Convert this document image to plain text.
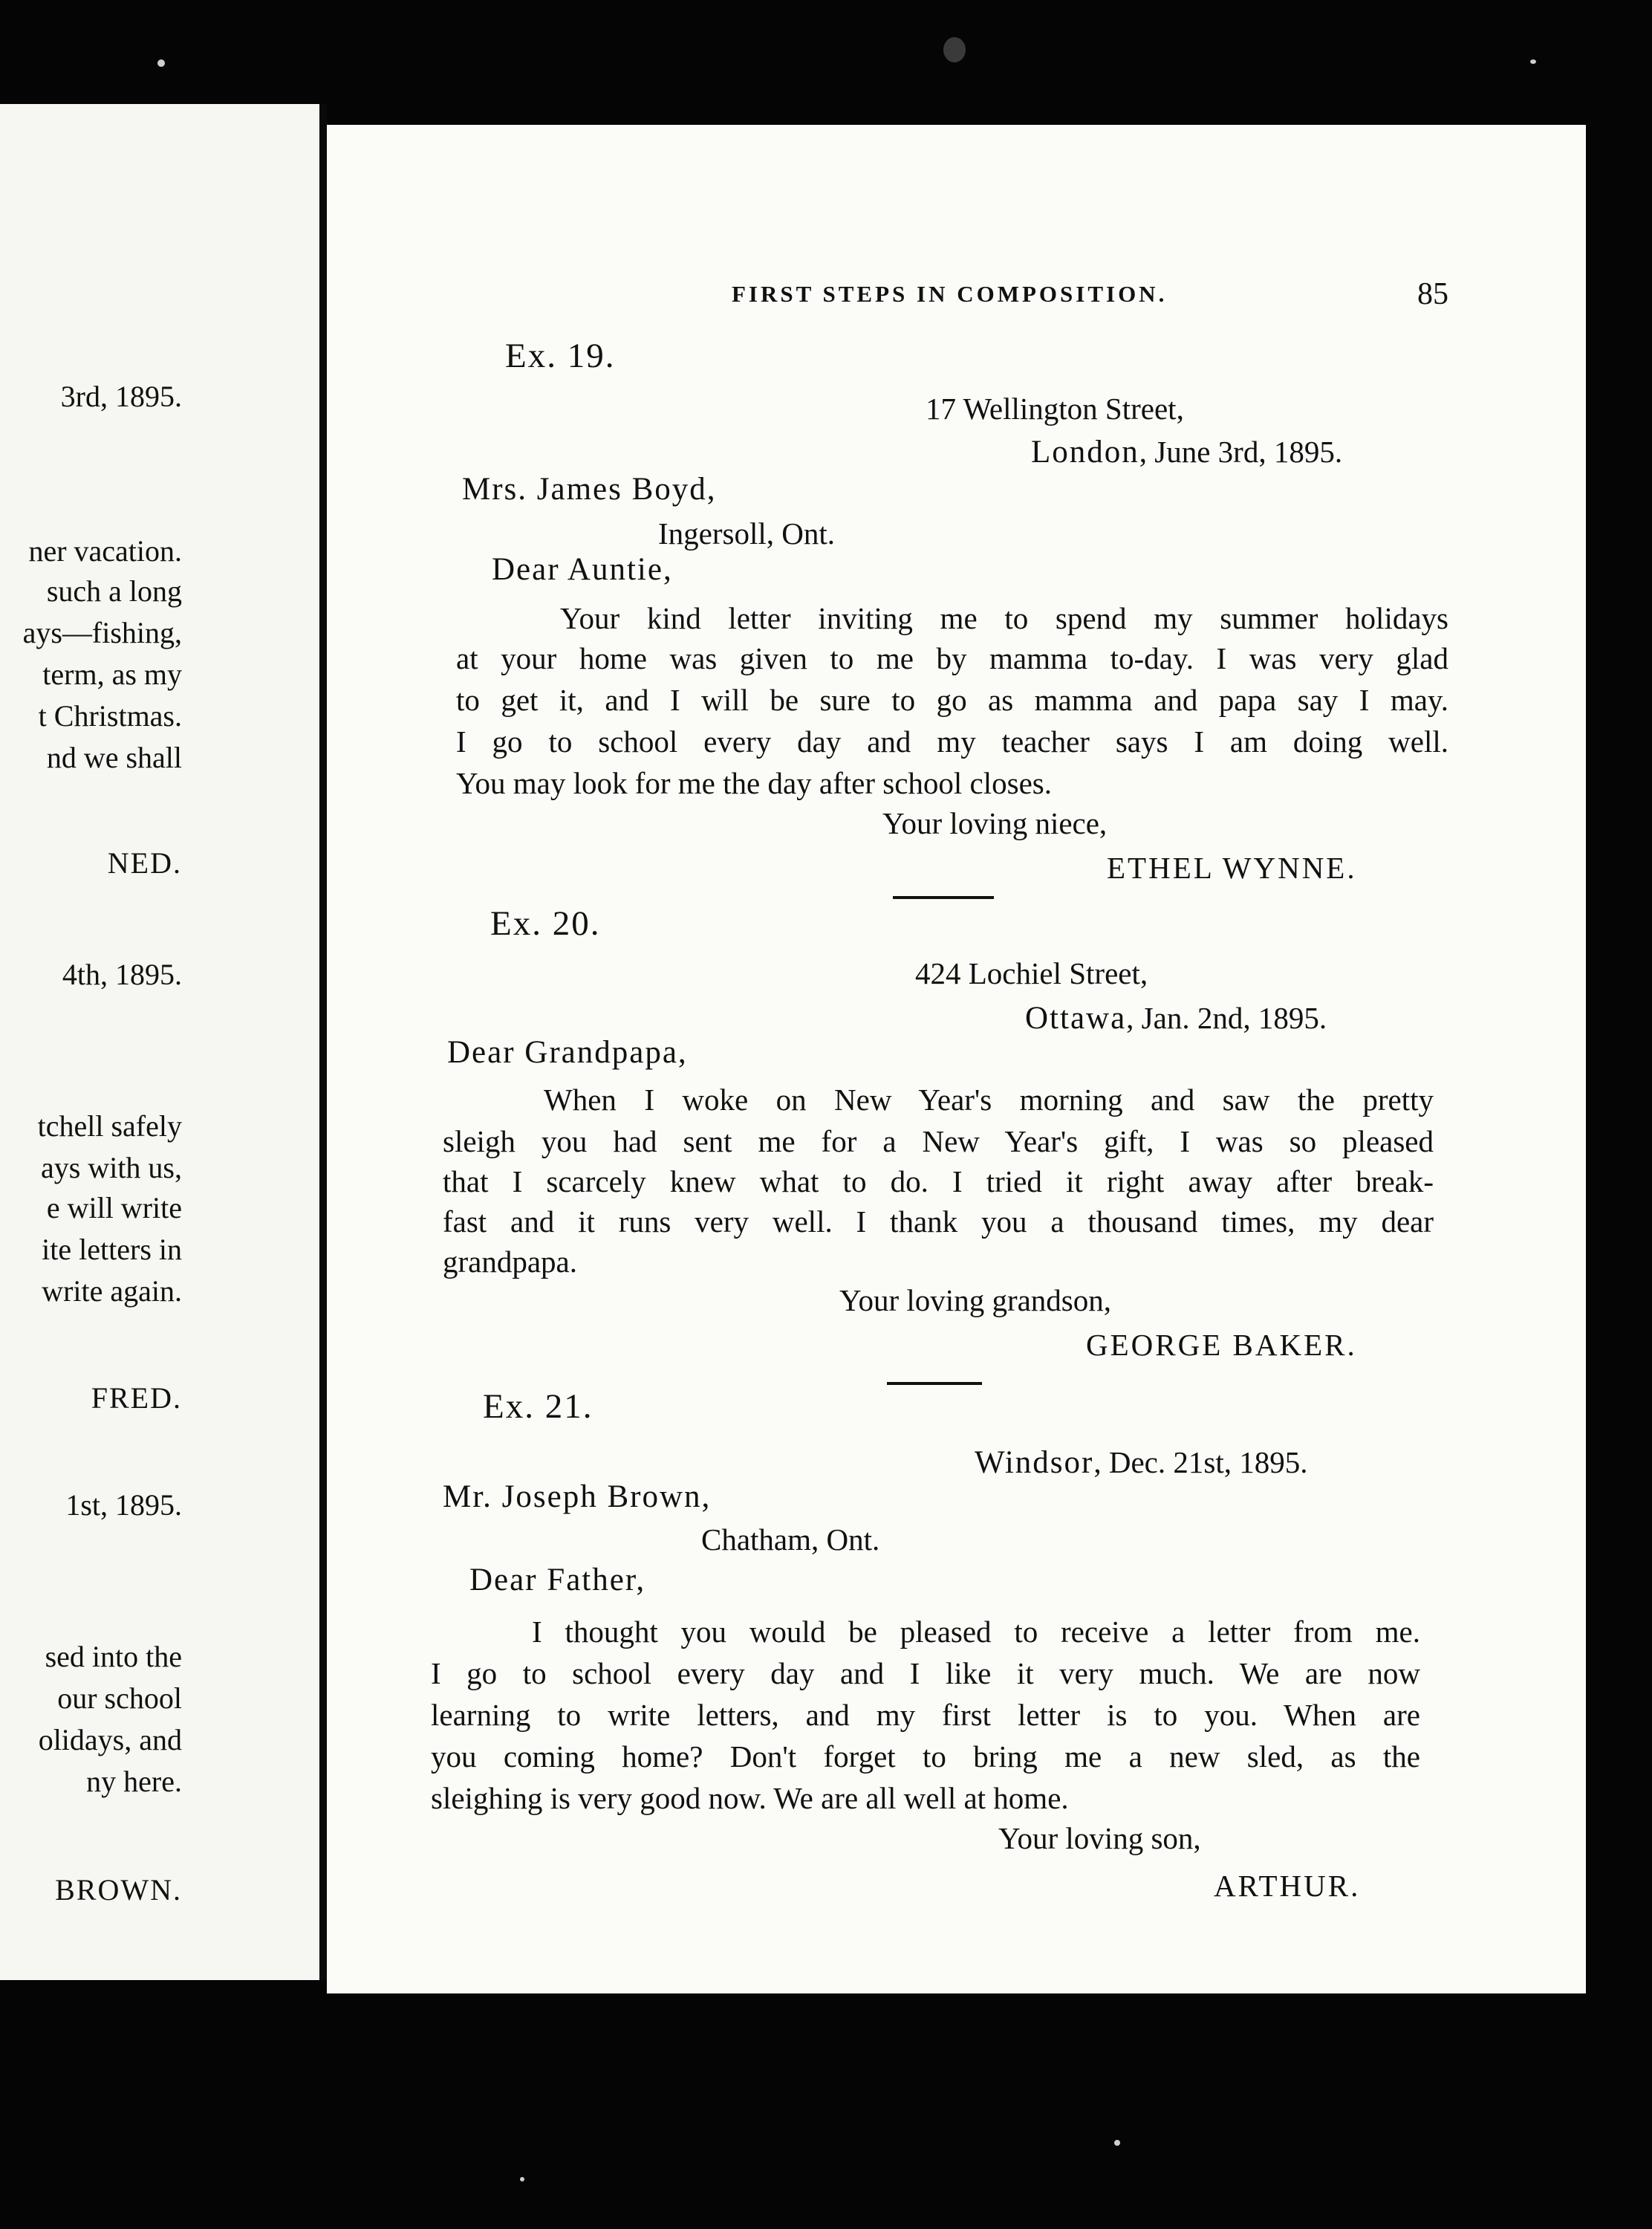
3rd, 1895.
ner vacation.
such a long
ays—fishing,
term, as my
t Christmas.
nd we shall
NED.
4th, 1895.
tchell safely
ays with us,
e will write
ite letters in
write again.
FRED.
1st, 1895.
sed into the
our school
olidays, and
ny here.
BROWN.
FIRST STEPS IN COMPOSITION.	85
Ex. 19.
17 Wellington Street,
London, June 3rd, 1895.
Mrs. James Boyd,
Ingersoll, Ont.
Dear Auntie,
Your kind letter inviting me to spend my summer holidays
at your home was given to me by mamma to-day. I was very glad
to get it, and I will be sure to go as mamma and papa say I may.
I go to school every day and my teacher says I am doing well.
You may look for me the day after school closes.
Your loving niece,
ETHEL WYNNE.
Ex. 20.
424 Lochiel Street,
Ottawa, Jan. 2nd, 1895.
Dear Grandpapa,
When I woke on New Year's morning and saw the pretty
sleigh you had sent me for a New Year's gift, I was so pleased
that I scarcely knew what to do. I tried it right away after break-
fast and it runs very well. I thank you a thousand times, my dear
grandpapa.
Your loving grandson,
GEORGE BAKER.
Ex. 21.
Windsor, Dec. 21st, 1895.
Mr. Joseph Brown,
Chatham, Ont.
Dear Father,
I thought you would be pleased to receive a letter from me.
I go to school every day and I like it very much. We are now
learning to write letters, and my first letter is to you. When are
you coming home? Don't forget to bring me a new sled, as the
sleighing is very good now. We are all well at home.
Your loving son,
ARTHUR.
